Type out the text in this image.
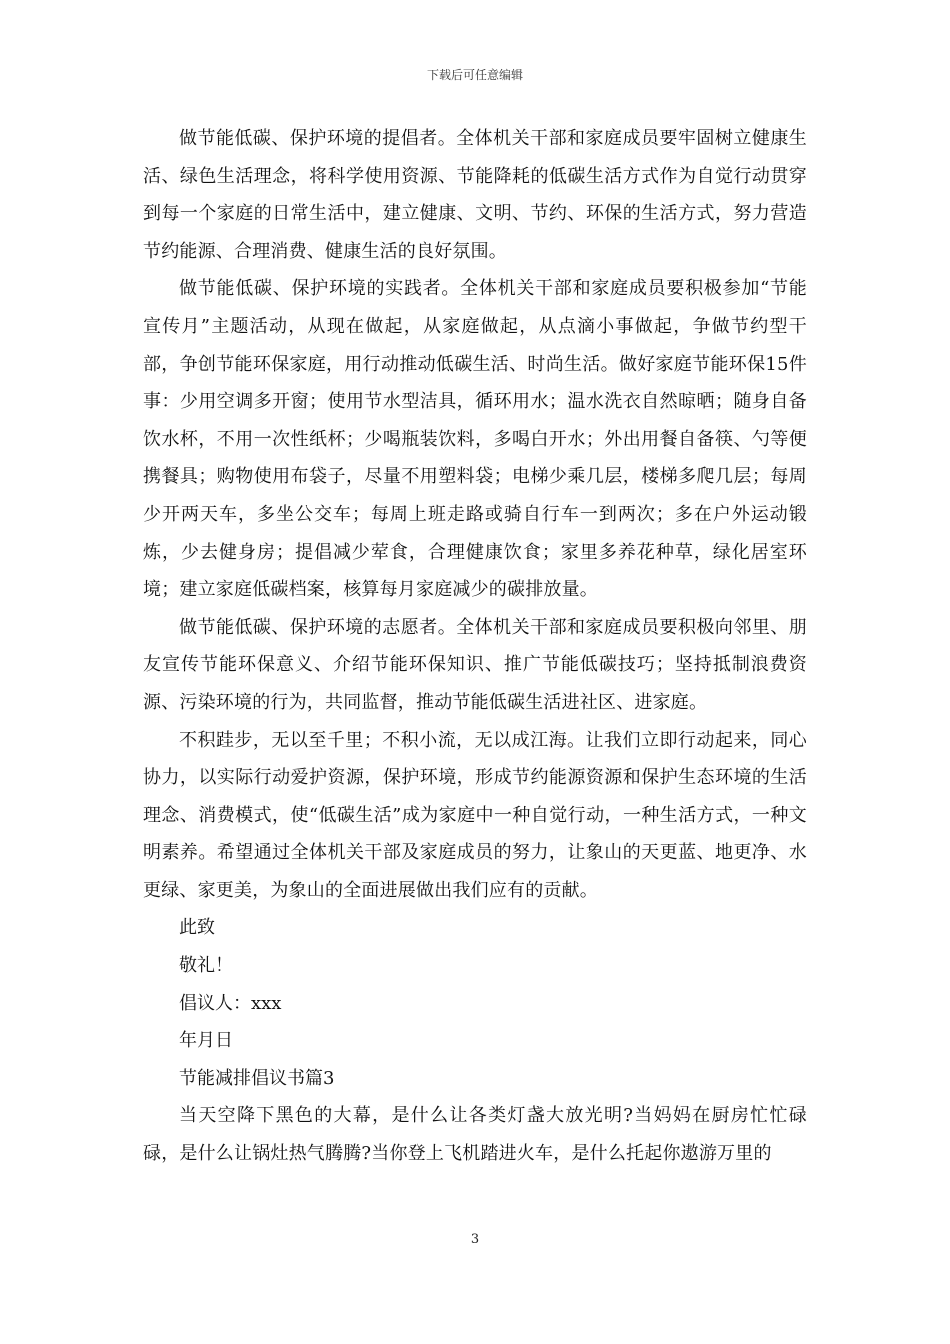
下载后可任意编辑

做节能低碳、保护环境的提倡者。全体机关干部和家庭成员要牢固树立健康生活、绿色生活理念，将科学使用资源、节能降耗的低碳生活方式作为自觉行动贯穿到每一个家庭的日常生活中，建立健康、文明、节约、环保的生活方式，努力营造节约能源、合理消费、健康生活的良好氛围。

做节能低碳、保护环境的实践者。全体机关干部和家庭成员要积极参加“节能宣传月”主题活动，从现在做起，从家庭做起，从点滴小事做起，争做节约型干部，争创节能环保家庭，用行动推动低碳生活、时尚生活。做好家庭节能环保15件事：少用空调多开窗；使用节水型洁具，循环用水；温水洗衣自然晾晒；随身自备饮水杯，不用一次性纸杯；少喝瓶装饮料，多喝白开水；外出用餐自备筷、勺等便携餐具；购物使用布袋子，尽量不用塑料袋；电梯少乘几层，楼梯多爬几层；每周少开两天车，多坐公交车；每周上班走路或骑自行车一到两次；多在户外运动锻炼，少去健身房；提倡减少荤食，合理健康饮食；家里多养花种草，绿化居室环境；建立家庭低碳档案，核算每月家庭减少的碳排放量。

做节能低碳、保护环境的志愿者。全体机关干部和家庭成员要积极向邻里、朋友宣传节能环保意义、介绍节能环保知识、推广节能低碳技巧；坚持抵制浪费资源、污染环境的行为，共同监督，推动节能低碳生活进社区、进家庭。

不积跬步，无以至千里；不积小流，无以成江海。让我们立即行动起来，同心协力，以实际行动爱护资源，保护环境，形成节约能源资源和保护生态环境的生活理念、消费模式，使“低碳生活”成为家庭中一种自觉行动，一种生活方式，一种文明素养。希望通过全体机关干部及家庭成员的努力，让象山的天更蓝、地更净、水更绿、家更美，为象山的全面进展做出我们应有的贡献。

此致

敬礼！

倡议人：xxx

年月日

节能减排倡议书篇3

当天空降下黑色的大幕，是什么让各类灯盏大放光明?当妈妈在厨房忙忙碌碌，是什么让锅灶热气腾腾?当你登上飞机踏进火车，是什么托起你遨游万里的

3
